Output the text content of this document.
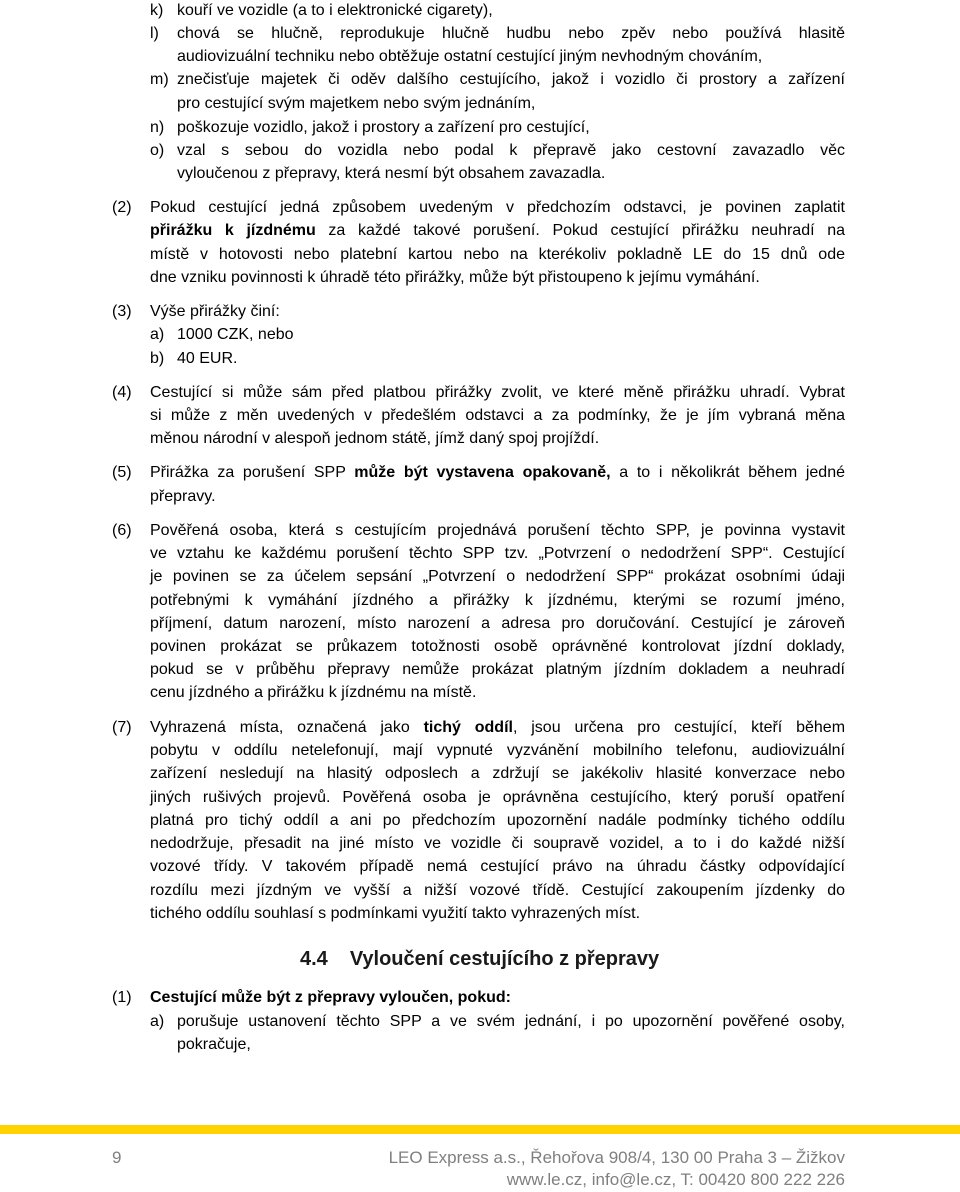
k) kouří ve vozidle (a to i elektronické cigarety),
l) chová se hlučně, reprodukuje hlučně hudbu nebo zpěv nebo používá hlasitě
audiovizuální techniku nebo obtěžuje ostatní cestující jiným nevhodným chováním,
m) znečisťuje majetek či oděv dalšího cestujícího, jakož i vozidlo či prostory a zařízení
pro cestující svým majetkem nebo svým jednáním,
n) poškozuje vozidlo, jakož i prostory a zařízení pro cestující,
o) vzal s sebou do vozidla nebo podal k přepravě jako cestovní zavazadlo věc
vyloučenou z přepravy, která nesmí být obsahem zavazadla.
(2) Pokud cestující jedná způsobem uvedeným v předchozím odstavci, je povinen zaplatit
přirážku k jízdnému za každé takové porušení. Pokud cestující přirážku neuhradí na
místě v hotovosti nebo platební kartou nebo na kterékoliv pokladně LE do 15 dnů ode
dne vzniku povinnosti k úhradě této přirážky, může být přistoupeno k jejímu vymáhání.
(3) Výše přirážky činí:
a) 1000 CZK, nebo
b) 40 EUR.
(4) Cestující si může sám před platbou přirážky zvolit, ve které měně přirážku uhradí. Vybrat
si může z měn uvedených v předešlém odstavci a za podmínky, že je jím vybraná měna
měnou národní v alespoň jednom státě, jímž daný spoj projíždí.
(5) Přirážka za porušení SPP může být vystavena opakovaně, a to i několikrát během jedné
přepravy.
(6) Pověřená osoba, která s cestujícím projednává porušení těchto SPP, je povinna vystavit
ve vztahu ke každému porušení těchto SPP tzv. „Potvrzení o nedodržení SPP“. Cestující
je povinen se za účelem sepsání „Potvrzení o nedodržení SPP“ prokázat osobními údaji
potřebnými k vymáhání jízdného a přirážky k jízdnému, kterými se rozumí jméno,
příjmení, datum narození, místo narození a adresa pro doručování. Cestující je zároveň
povinen prokázat se průkazem totožnosti osobě oprávněné kontrolovat jízdní doklady,
pokud se v průběhu přepravy nemůže prokázat platným jízdním dokladem a neuhradí
cenu jízdného a přirážku k jízdnému na místě.
(7) Vyhrazená místa, označená jako tichý oddíl, jsou určena pro cestující, kteří během
pobytu v oddílu netelefonují, mají vypnuté vyzvánění mobilního telefonu, audiovizuální
zařízení nesledují na hlasitý odposlech a zdržují se jakékoliv hlasité konverzace nebo
jiných rušivých projevů. Pověřená osoba je oprávněna cestujícího, který poruší opatření
platná pro tichý oddíl a ani po předchozím upozornění nadále podmínky tichého oddílu
nedodržuje, přesadit na jiné místo ve vozidle či soupravě vozidel, a to i do každé nižší
vozové třídy. V takovém případě nemá cestující právo na úhradu částky odpovídající
rozdílu mezi jízdným ve vyšší a nižší vozové třídě. Cestující zakoupením jízdenky do
tichého oddílu souhlasí s podmínkami využití takto vyhrazených míst.
4.4 Vyloučení cestujícího z přepravy
(1) Cestující může být z přepravy vyloučen, pokud:
a) porušuje ustanovení těchto SPP a ve svém jednání, i po upozornění pověřené osoby,
pokračuje,
9	LEO Express a.s., Řehořova 908/4, 130 00 Praha 3 – Žižkov
www.le.cz, info@le.cz, T: 00420 800 222 226
